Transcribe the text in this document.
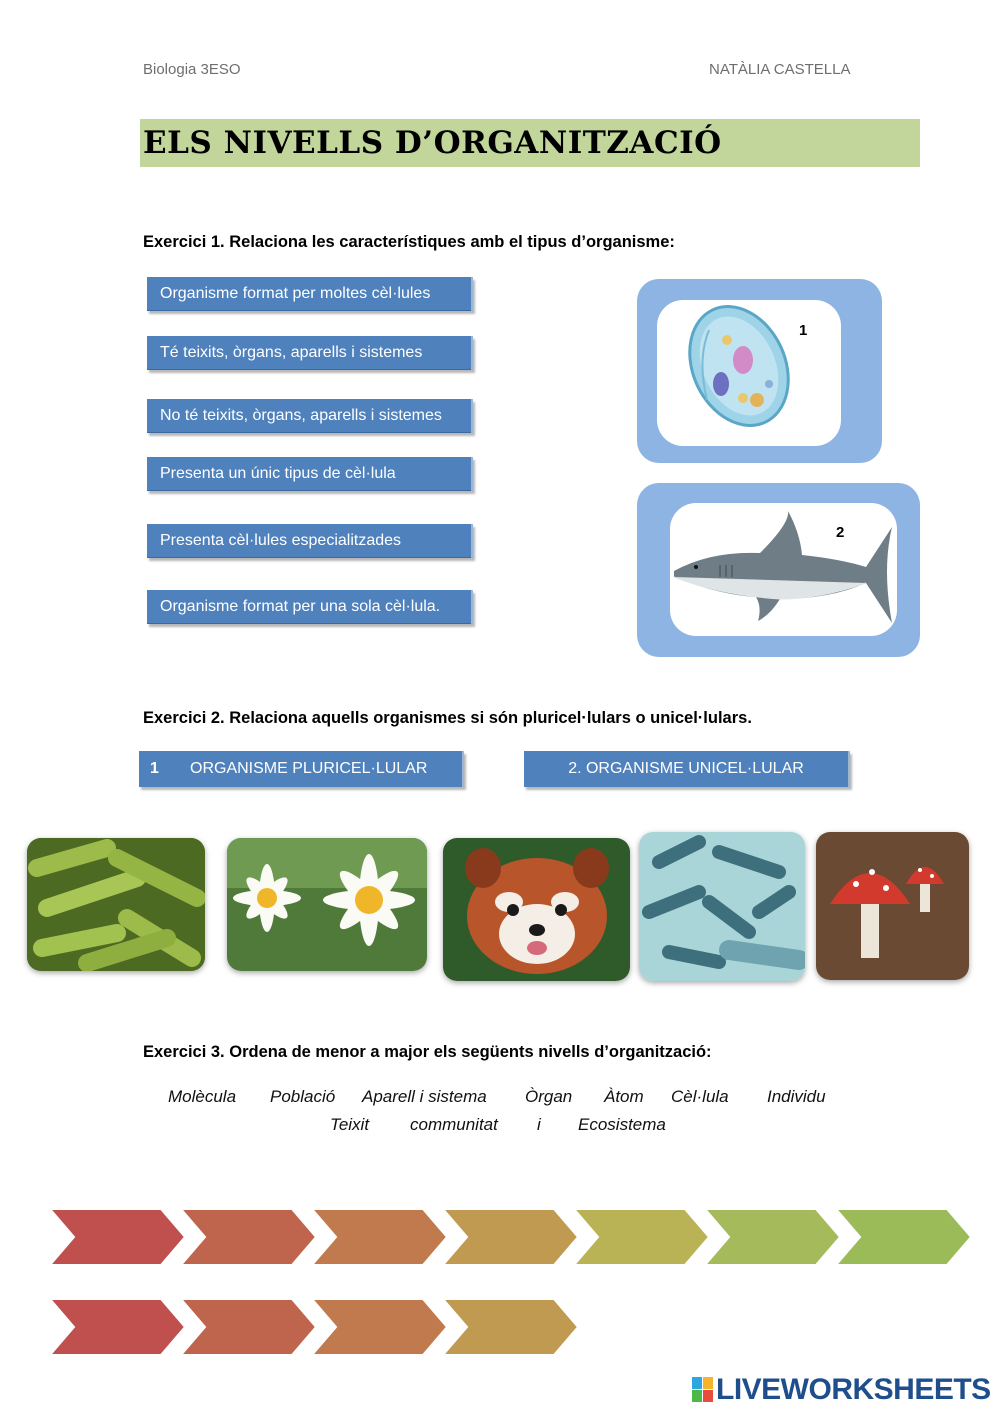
Biologia 3ESO	NATÀLIA CASTELLA
ELS NIVELLS D’ORGANITZACIÓ
Exercici 1. Relaciona les característiques amb el tipus d’organisme:
Organisme format per moltes cèl·lules
Té teixits, òrgans, aparells i sistemes
No té teixits, òrgans, aparells i sistemes
Presenta un únic tipus de cèl·lula
Presenta cèl·lules especialitzades
Organisme format per una sola cèl·lula.
1
2
Exercici 2. Relaciona aquells organismes si són pluricel·lulars o unicel·lulars.
1 ORGANISME PLURICEL·LULAR	2. ORGANISME UNICEL·LULAR
Exercici 3. Ordena de menor a major els següents nivells d’organització:
Molècula Població Aparell i sistema Òrgan Àtom Cèl·lula Individu
Teixit communitat i Ecosistema
LIVEWORKSHEETS
